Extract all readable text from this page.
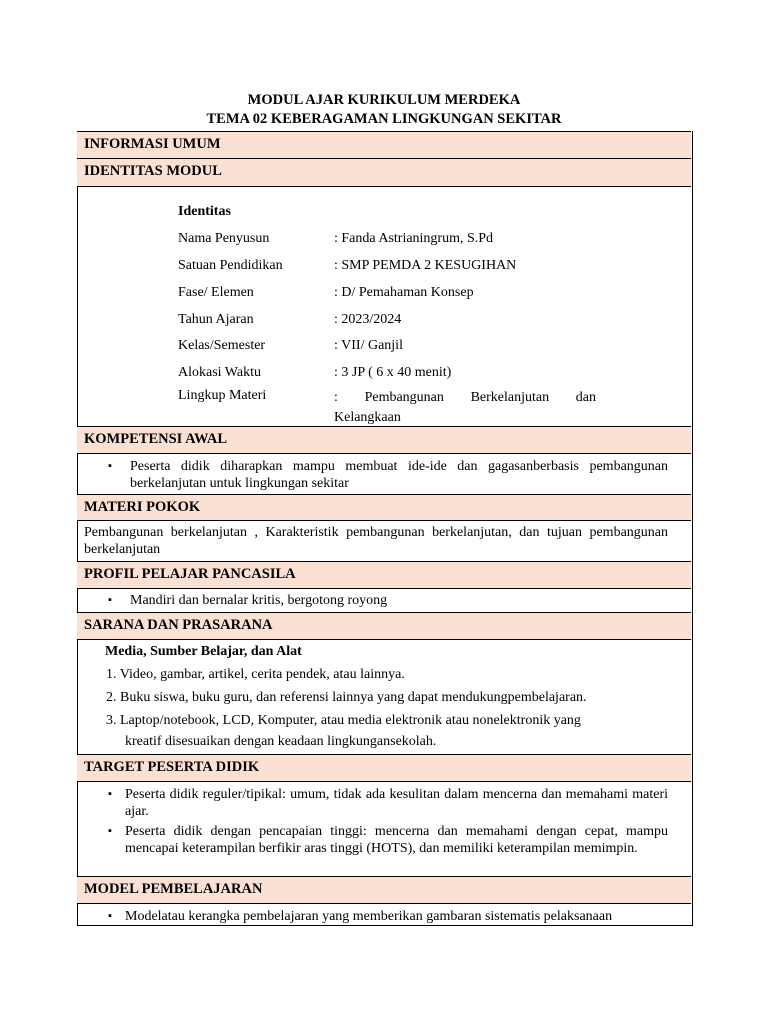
MODUL AJAR KURIKULUM MERDEKA
TEMA 02 KEBERAGAMAN LINGKUNGAN SEKITAR
INFORMASI UMUM
IDENTITAS MODUL
Identitas
Nama Penyusun	: Fanda Astrianingrum, S.Pd
Satuan Pendidikan	: SMP PEMDA 2 KESUGIHAN
Fase/ Elemen	: D/ Pemahaman Konsep
Tahun Ajaran	: 2023/2024
Kelas/Semester	: VII/ Ganjil
Alokasi Waktu	: 3 JP ( 6 x 40 menit)
Lingkup Materi	: Pembangunan Berkelanjutan dan Kelangkaan
KOMPETENSI AWAL
▪ Peserta didik diharapkan mampu membuat ide-ide dan gagasanberbasis pembangunan berkelanjutan untuk lingkungan sekitar
MATERI POKOK
Pembangunan berkelanjutan , Karakteristik pembangunan berkelanjutan, dan tujuan pembangunan berkelanjutan
PROFIL PELAJAR PANCASILA
▪ Mandiri dan bernalar kritis, bergotong royong
SARANA DAN PRASARANA
Media, Sumber Belajar, dan Alat
1. Video, gambar, artikel, cerita pendek, atau lainnya.
2. Buku siswa, buku guru, dan referensi lainnya yang dapat mendukungpembelajaran.
3. Laptop/notebook, LCD, Komputer, atau media elektronik atau nonelektronik yang
kreatif disesuaikan dengan keadaan lingkungansekolah.
TARGET PESERTA DIDIK
▪ Peserta didik reguler/tipikal: umum, tidak ada kesulitan dalam mencerna dan memahami materi ajar.
▪ Peserta didik dengan pencapaian tinggi: mencerna dan memahami dengan cepat, mampu mencapai keterampilan berfikir aras tinggi (HOTS), dan memiliki keterampilan memimpin.
MODEL PEMBELAJARAN
▪ Modelatau kerangka pembelajaran yang memberikan gambaran sistematis pelaksanaan
